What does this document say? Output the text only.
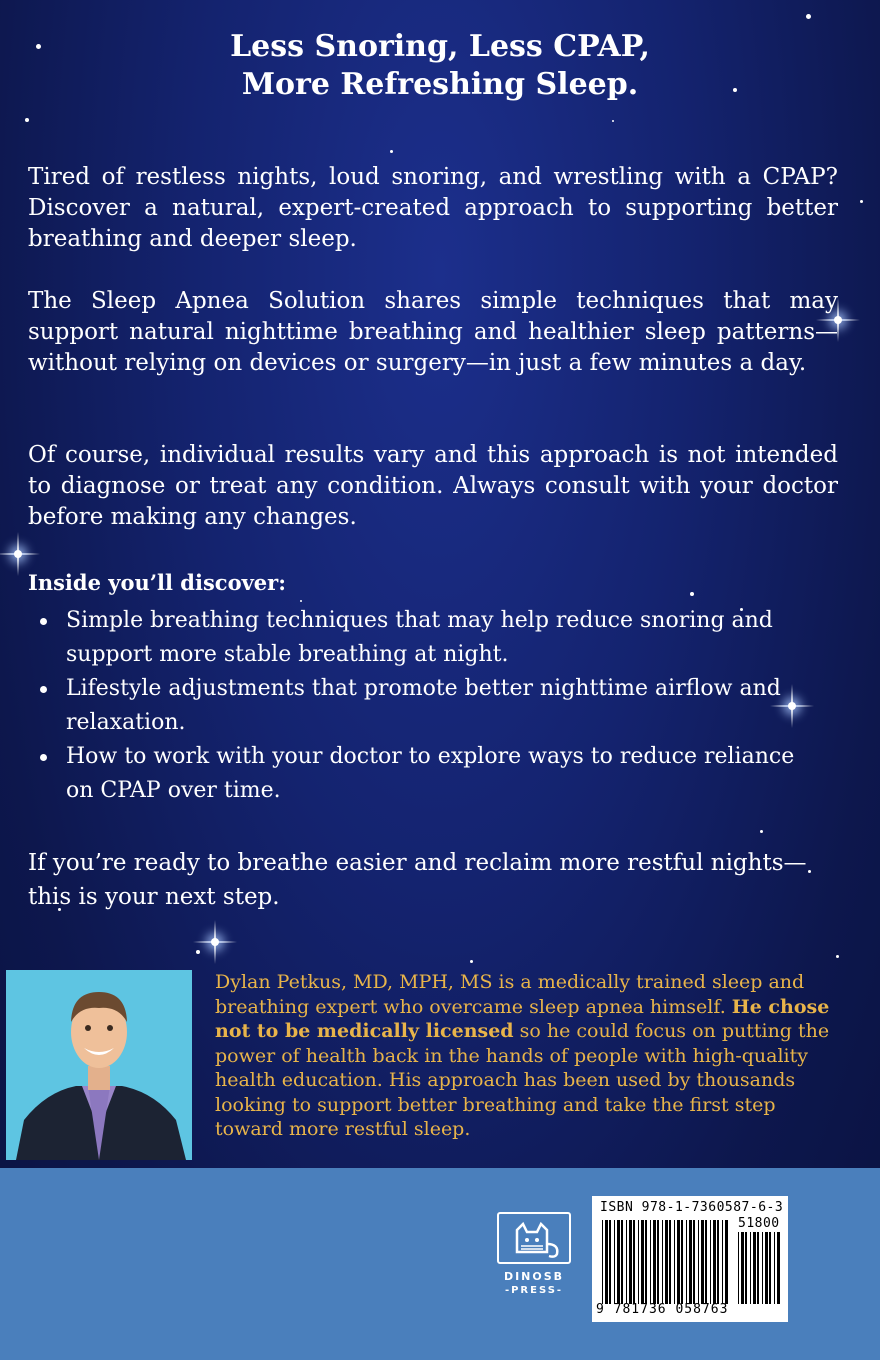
Less Snoring, Less CPAP,
More Refreshing Sleep.

Tired of restless nights, loud snoring, and wrestling with a CPAP? Discover a natural, expert-created approach to supporting better breathing and deeper sleep.

The Sleep Apnea Solution shares simple techniques that may support natural nighttime breathing and healthier sleep patterns—without relying on devices or surgery—in just a few minutes a day.

Of course, individual results vary and this approach is not intended to diagnose or treat any condition. Always consult with your doctor before making any changes.

Inside you’ll discover:
Simple breathing techniques that may help reduce snoring and support more stable breathing at night.
Lifestyle adjustments that promote better nighttime airflow and relaxation.
How to work with your doctor to explore ways to reduce reliance on CPAP over time.

If you’re ready to breathe easier and reclaim more restful nights—this is your next step.

Dylan Petkus, MD, MPH, MS is a medically trained sleep and breathing expert who overcame sleep apnea himself. He chose not to be medically licensed so he could focus on putting the power of health back in the hands of people with high-quality health education. His approach has been used by thousands looking to support better breathing and take the first step toward more restful sleep.

DINOSB
-PRESS-
ISBN 978-1-7360587-6-3
51800
9 781736 058763
